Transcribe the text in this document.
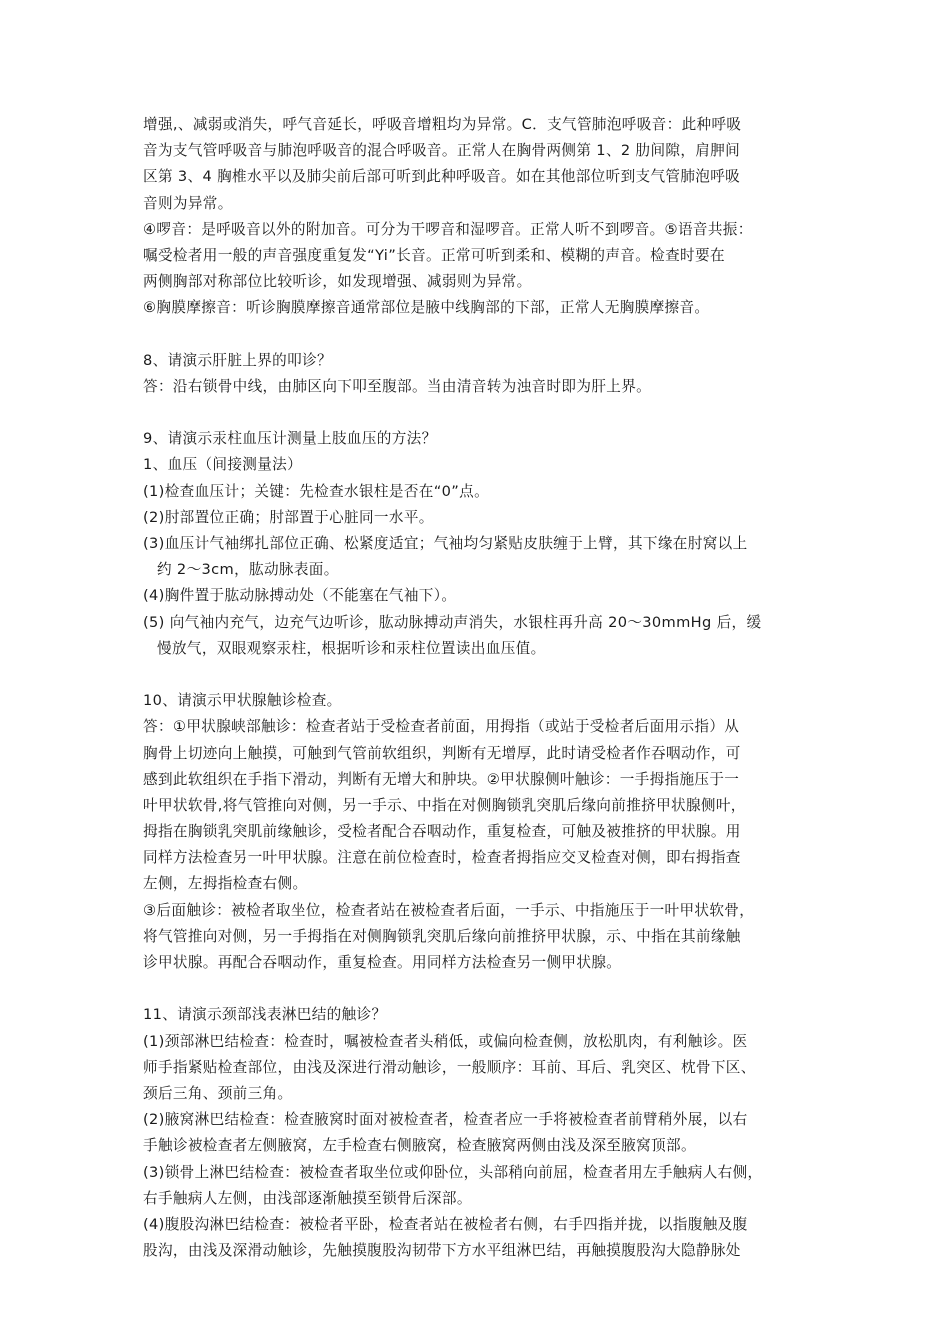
增强,、减弱或消失，呼气音延长，呼吸音增粗均为异常。C．支气管肺泡呼吸音：此种呼吸
音为支气管呼吸音与肺泡呼吸音的混合呼吸音。正常人在胸骨两侧第 1、2 肋间隙，肩胛间
区第 3、4 胸椎水平以及肺尖前后部可听到此种呼吸音。如在其他部位听到支气管肺泡呼吸
音则为异常。
④啰音：是呼吸音以外的附加音。可分为干啰音和湿啰音。正常人听不到啰音。⑤语音共振：
嘱受检者用一般的声音强度重复发“Yi”长音。正常可听到柔和、模糊的声音。检查时要在
两侧胸部对称部位比较听诊，如发现增强、减弱则为异常。
⑥胸膜摩擦音：听诊胸膜摩擦音通常部位是腋中线胸部的下部，正常人无胸膜摩擦音。
8、请演示肝脏上界的叩诊？
答：沿右锁骨中线，由肺区向下叩至腹部。当由清音转为浊音时即为肝上界。
9、请演示汞柱血压计测量上肢血压的方法？
1、血压（间接测量法）
(1)检查血压计；关键：先检查水银柱是否在“0”点。
(2)肘部置位正确；肘部置于心脏同一水平。
(3)血压计气袖绑扎部位正确、松紧度适宜；气袖均匀紧贴皮肤缠于上臂，其下缘在肘窝以上
约 2～3cm，肱动脉表面。
(4)胸件置于肱动脉搏动处（不能塞在气袖下）。
(5) 向气袖内充气，边充气边听诊，肱动脉搏动声消失，水银柱再升高 20～30mmHg 后，缓
慢放气，双眼观察汞柱，根据听诊和汞柱位置读出血压值。
10、请演示甲状腺触诊检查。
答：①甲状腺峡部触诊：检查者站于受检查者前面，用拇指（或站于受检者后面用示指）从
胸骨上切迹向上触摸，可触到气管前软组织，判断有无增厚，此时请受检者作吞咽动作，可
感到此软组织在手指下滑动，判断有无增大和肿块。②甲状腺侧叶触诊：一手拇指施压于一
叶甲状软骨,将气管推向对侧，另一手示、中指在对侧胸锁乳突肌后缘向前推挤甲状腺侧叶，
拇指在胸锁乳突肌前缘触诊，受检者配合吞咽动作，重复检查，可触及被推挤的甲状腺。用
同样方法检查另一叶甲状腺。注意在前位检查时，检查者拇指应交叉检查对侧，即右拇指查
左侧，左拇指检查右侧。
③后面触诊：被检者取坐位，检查者站在被检查者后面，一手示、中指施压于一叶甲状软骨，
将气管推向对侧，另一手拇指在对侧胸锁乳突肌后缘向前推挤甲状腺，示、中指在其前缘触
诊甲状腺。再配合吞咽动作，重复检查。用同样方法检查另一侧甲状腺。
11、请演示颈部浅表淋巴结的触诊？
(1)颈部淋巴结检查：检查时，嘱被检查者头稍低，或偏向检查侧，放松肌肉，有利触诊。医
师手指紧贴检查部位，由浅及深进行滑动触诊，一般顺序：耳前、耳后、乳突区、枕骨下区、
颈后三角、颈前三角。
(2)腋窝淋巴结检查：检查腋窝时面对被检查者，检查者应一手将被检查者前臂稍外展，以右
手触诊被检查者左侧腋窝，左手检查右侧腋窝，检查腋窝两侧由浅及深至腋窝顶部。
(3)锁骨上淋巴结检查：被检查者取坐位或仰卧位，头部稍向前屈，检查者用左手触病人右侧，
右手触病人左侧，由浅部逐渐触摸至锁骨后深部。
(4)腹股沟淋巴结检查：被检者平卧，检查者站在被检者右侧，右手四指并拢，以指腹触及腹
股沟，由浅及深滑动触诊，先触摸腹股沟韧带下方水平组淋巴结，再触摸腹股沟大隐静脉处
